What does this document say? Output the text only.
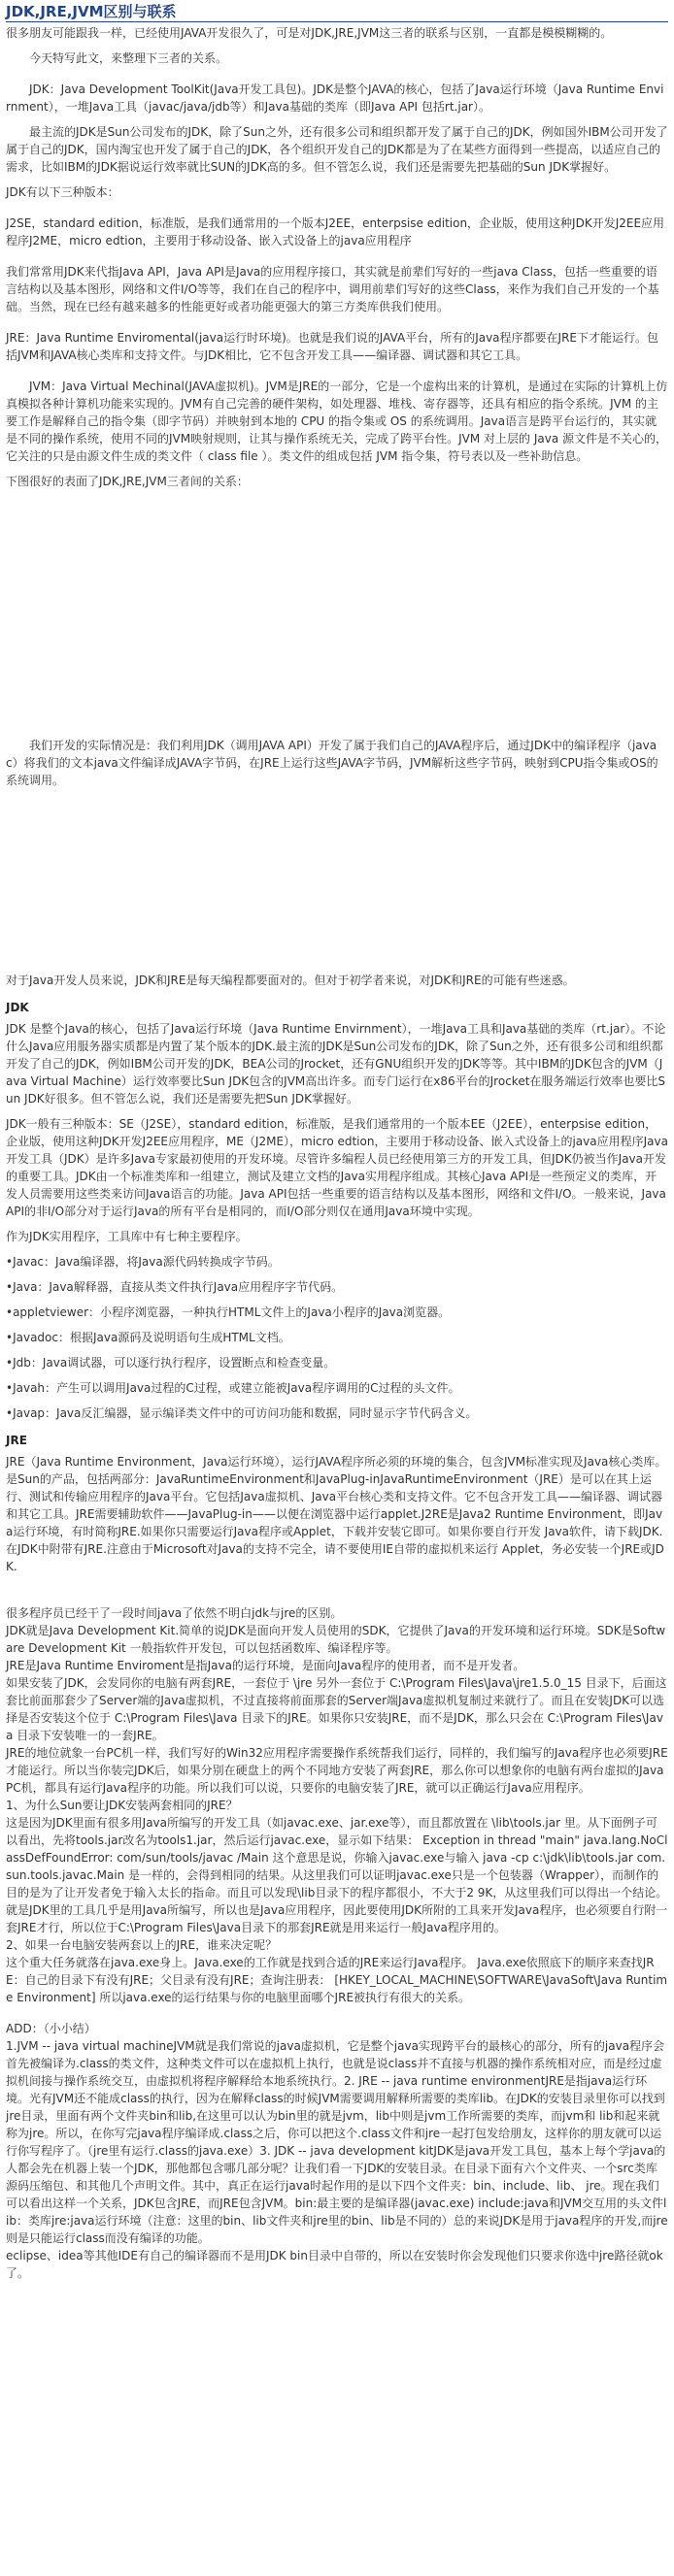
JDK,JRE,JVM区别与联系

很多朋友可能跟我一样，已经使用JAVA开发很久了，可是对JDK,JRE,JVM这三者的联系与区别，一直都是模模糊糊的。

今天特写此文，来整理下三者的关系。

JDK：Java Development ToolKit(Java开发工具包)。JDK是整个JAVA的核心，包括了Java运行环境（Java Runtime Envirnment），一堆Java工具（javac/java/jdb等）和Java基础的类库（即Java API 包括rt.jar）。

最主流的JDK是Sun公司发布的JDK，除了Sun之外，还有很多公司和组织都开发了属于自己的JDK，例如国外IBM公司开发了属于自己的JDK，国内淘宝也开发了属于自己的JDK，各个组织开发自己的JDK都是为了在某些方面得到一些提高，以适应自己的需求，比如IBM的JDK据说运行效率就比SUN的JDK高的多。但不管怎么说，我们还是需要先把基础的Sun JDK掌握好。

JDK有以下三种版本：

J2SE，standard edition，标准版，是我们通常用的一个版本J2EE，enterpsise edition，企业版，使用这种JDK开发J2EE应用程序J2ME，micro edtion，主要用于移动设备、嵌入式设备上的java应用程序

我们常常用JDK来代指Java API，Java API是Java的应用程序接口，其实就是前辈们写好的一些java Class，包括一些重要的语言结构以及基本图形，网络和文件I/O等等，我们在自己的程序中，调用前辈们写好的这些Class，来作为我们自己开发的一个基础。当然，现在已经有越来越多的性能更好或者功能更强大的第三方类库供我们使用。

JRE：Java Runtime Enviromental(java运行时环境)。也就是我们说的JAVA平台，所有的Java程序都要在JRE下才能运行。包括JVM和JAVA核心类库和支持文件。与JDK相比，它不包含开发工具——编译器、调试器和其它工具。

JVM：Java Virtual Mechinal(JAVA虚拟机)。JVM是JRE的一部分，它是一个虚构出来的计算机，是通过在实际的计算机上仿真模拟各种计算机功能来实现的。JVM有自己完善的硬件架构，如处理器、堆栈、寄存器等，还具有相应的指令系统。JVM 的主要工作是解释自己的指令集（即字节码）并映射到本地的 CPU 的指令集或 OS 的系统调用。Java语言是跨平台运行的，其实就是不同的操作系统，使用不同的JVM映射规则，让其与操作系统无关，完成了跨平台性。JVM 对上层的 Java 源文件是不关心的，它关注的只是由源文件生成的类文件（ class file ）。类文件的组成包括 JVM 指令集，符号表以及一些补助信息。

下图很好的表面了JDK,JRE,JVM三者间的关系：

我们开发的实际情况是：我们利用JDK（调用JAVA API）开发了属于我们自己的JAVA程序后，通过JDK中的编译程序（javac）将我们的文本java文件编译成JAVA字节码，在JRE上运行这些JAVA字节码，JVM解析这些字节码，映射到CPU指令集或OS的系统调用。

对于Java开发人员来说，JDK和JRE是每天编程都要面对的。但对于初学者来说，对JDK和JRE的可能有些迷惑。

JDK

JDK 是整个Java的核心，包括了Java运行环境（Java Runtime Envirnment），一堆Java工具和Java基础的类库（rt.jar）。不论什么Java应用服务器实质都是内置了某个版本的JDK.最主流的JDK是Sun公司发布的JDK，除了Sun之外，还有很多公司和组织都开发了自己的JDK，例如IBM公司开发的JDK，BEA公司的Jrocket，还有GNU组织开发的JDK等等。其中IBM的JDK包含的JVM（Java Virtual Machine）运行效率要比Sun JDK包含的JVM高出许多。而专门运行在x86平台的Jrocket在服务端运行效率也要比Sun JDK好很多。但不管怎么说，我们还是需要先把Sun JDK掌握好。

JDK一般有三种版本：SE（J2SE），standard edition，标准版，是我们通常用的一个版本EE（J2EE），enterpsise edition，企业版，使用这种JDK开发J2EE应用程序，ME（J2ME），micro edtion，主要用于移动设备、嵌入式设备上的java应用程序Java开发工具（JDK）是许多Java专家最初使用的开发环境。尽管许多编程人员已经使用第三方的开发工具，但JDK仍被当作Java开发的重要工具。JDK由一个标准类库和一组建立，测试及建立文档的Java实用程序组成。其核心Java API是一些预定义的类库，开发人员需要用这些类来访问Java语言的功能。Java API包括一些重要的语言结构以及基本图形，网络和文件I/O。一般来说，Java API的非I/O部分对于运行Java的所有平台是相同的，而I/O部分则仅在通用Java环境中实现。

作为JDK实用程序，工具库中有七种主要程序。

•Javac：Java编译器，将Java源代码转换成字节码。

•Java：Java解释器，直接从类文件执行Java应用程序字节代码。

•appletviewer：小程序浏览器，一种执行HTML文件上的Java小程序的Java浏览器。

•Javadoc：根据Java源码及说明语句生成HTML文档。

•Jdb：Java调试器，可以逐行执行程序，设置断点和检查变量。

•Javah：产生可以调用Java过程的C过程，或建立能被Java程序调用的C过程的头文件。

•Javap：Java反汇编器，显示编译类文件中的可访问功能和数据，同时显示字节代码含义。

JRE

JRE（Java Runtime Environment，Java运行环境），运行JAVA程序所必须的环境的集合，包含JVM标准实现及Java核心类库。是Sun的产品，包括两部分：JavaRuntimeEnvironment和JavaPlug-inJavaRuntimeEnvironment（JRE）是可以在其上运行、测试和传输应用程序的Java平台。它包括Java虚拟机、Java平台核心类和支持文件。它不包含开发工具——编译器、调试器和其它工具。JRE需要辅助软件——JavaPlug-in——以便在浏览器中运行applet.J2RE是Java2 Runtime Environment，即Java运行环境，有时简称JRE.如果你只需要运行Java程序或Applet，下载并安装它即可。如果你要自行开发 Java软件，请下载JDK.在JDK中附带有JRE.注意由于Microsoft对Java的支持不完全，请不要使用IE自带的虚拟机来运行 Applet，务必安装一个JRE或JDK.

很多程序员已经干了一段时间java了依然不明白jdk与jre的区别。

JDK就是Java Development Kit.简单的说JDK是面向开发人员使用的SDK，它提供了Java的开发环境和运行环境。SDK是Software Development Kit 一般指软件开发包，可以包括函数库、编译程序等。

JRE是Java Runtime Enviroment是指Java的运行环境，是面向Java程序的使用者，而不是开发者。

如果安装了JDK，会发同你的电脑有两套JRE，一套位于 \jre 另外一套位于 C:\Program Files\Java\jre1.5.0_15 目录下，后面这套比前面那套少了Server端的Java虚拟机，不过直接将前面那套的Server端Java虚拟机复制过来就行了。而且在安装JDK可以选择是否安装这个位于 C:\Program Files\Java 目录下的JRE。如果你只安装JRE，而不是JDK，那么只会在 C:\Program Files\Java 目录下安装唯一的一套JRE。

JRE的地位就象一台PC机一样，我们写好的Win32应用程序需要操作系统帮我们运行，同样的，我们编写的Java程序也必须要JRE才能运行。所以当你装完JDK后，如果分别在硬盘上的两个不同地方安装了两套JRE，那么你可以想象你的电脑有两台虚拟的Java PC机，都具有运行Java程序的功能。所以我们可以说，只要你的电脑安装了JRE，就可以正确运行Java应用程序。

1、为什么Sun要让JDK安装两套相同的JRE？

这是因为JDK里面有很多用Java所编写的开发工具（如javac.exe、jar.exe等），而且都放置在 \lib\tools.jar 里。从下面例子可以看出，先将tools.jar改名为tools1.jar，然后运行javac.exe，显示如下结果： Exception in thread "main" java.lang.NoClassDefFoundError: com/sun/tools/javac /Main 这个意思是说，你输入javac.exe与输入 java -cp c:\jdk\lib\tools.jar com.sun.tools.javac.Main 是一样的，会得到相同的结果。从这里我们可以证明javac.exe只是一个包装器（Wrapper），而制作的目的是为了让开发者免于输入太长的指命。而且可以发现\lib目录下的程序都很小，不大于2 9K，从这里我们可以得出一个结论。就是JDK里的工具几乎是用Java所编写，所以也是Java应用程序，因此要使用JDK所附的工具来开发Java程序，也必须要自行附一套JRE才行，所以位于C:\Program Files\Java目录下的那套JRE就是用来运行一般Java程序用的。

2、如果一台电脑安装两套以上的JRE，谁来决定呢？

这个重大任务就落在java.exe身上。Java.exe的工作就是找到合适的JRE来运行Java程序。 Java.exe依照底下的顺序来查找JRE：自己的目录下有没有JRE；父目录有没有JRE；查询注册表： [HKEY_LOCAL_MACHINE\SOFTWARE\JavaSoft\Java Runtime Environment] 所以java.exe的运行结果与你的电脑里面哪个JRE被执行有很大的关系。

ADD：（小小结）

1.JVM -- java virtual machineJVM就是我们常说的java虚拟机，它是整个java实现跨平台的最核心的部分，所有的java程序会首先被编译为.class的类文件，这种类文件可以在虚拟机上执行，也就是说class并不直接与机器的操作系统相对应，而是经过虚拟机间接与操作系统交互，由虚拟机将程序解释给本地系统执行。2. JRE -- java runtime environmentJRE是指java运行环境。光有JVM还不能成class的执行，因为在解释class的时候JVM需要调用解释所需要的类库lib。在JDK的安装目录里你可以找到jre目录，里面有两个文件夹bin和lib,在这里可以认为bin里的就是jvm，lib中则是jvm工作所需要的类库，而jvm和 lib和起来就称为jre。所以，在你写完java程序编译成.class之后，你可以把这个.class文件和jre一起打包发给朋友，这样你的朋友就可以运行你写程序了。（jre里有运行.class的java.exe）3. JDK -- java development kitJDK是java开发工具包，基本上每个学java的人都会先在机器上装一个JDK，那他都包含哪几部分呢？让我们看一下JDK的安装目录。在目录下面有六个文件夹、一个src类库源码压缩包、和其他几个声明文件。其中，真正在运行java时起作用的是以下四个文件夹：bin、include、lib、 jre。现在我们可以看出这样一个关系，JDK包含JRE，而JRE包含JVM。bin:最主要的是编译器(javac.exe) include:java和JVM交互用的头文件lib：类库jre:java运行环境（注意：这里的bin、lib文件夹和jre里的bin、lib是不同的）总的来说JDK是用于java程序的开发,而jre则是只能运行class而没有编译的功能。

eclipse、idea等其他IDE有自己的编译器而不是用JDK bin目录中自带的，所以在安装时你会发现他们只要求你选中jre路径就ok了。
